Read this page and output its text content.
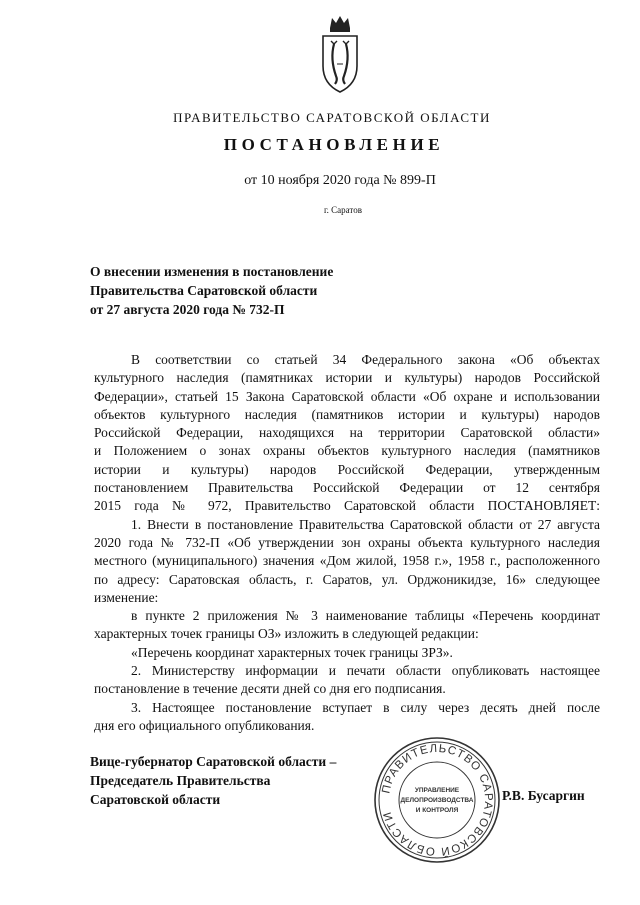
ПРАВИТЕЛЬСТВО САРАТОВСКОЙ ОБЛАСТИ
ПОСТАНОВЛЕНИЕ
от 10 ноября 2020 года № 899-П
г. Саратов
О внесении изменения в постановление
Правительства Саратовской области
от 27 августа 2020 года № 732-П
В соответствии со статьей 34 Федерального закона «Об объектах
культурного наследия (памятниках истории и культуры) народов Российской
Федерации», статьей 15 Закона Саратовской области «Об охране и использовании
объектов культурного наследия (памятников истории и культуры) народов
Российской Федерации, находящихся на территории Саратовской области»
и Положением о зонах охраны объектов культурного наследия (памятников
истории и культуры) народов Российской Федерации, утвержденным
постановлением Правительства Российской Федерации от 12 сентября
2015 года № 972, Правительство Саратовской области ПОСТАНОВЛЯЕТ:
1. Внести в постановление Правительства Саратовской области от 27 августа
2020 года № 732-П «Об утверждении зон охраны объекта культурного наследия
местного (муниципального) значения «Дом жилой, 1958 г.», 1958 г., расположенного
по адресу: Саратовская область, г. Саратов, ул. Орджоникидзе, 16» следующее
изменение:
в пункте 2 приложения № 3 наименование таблицы «Перечень координат
характерных точек границы ОЗ» изложить в следующей редакции:
«Перечень координат характерных точек границы ЗРЗ».
2. Министерству информации и печати области опубликовать настоящее
постановление в течение десяти дней со дня его подписания.
3. Настоящее постановление вступает в силу через десять дней после
дня его официального опубликования.
Вице-губернатор Саратовской области –
Председатель Правительства
Саратовской области
ПРАВИТЕЛЬСТВО САРАТОВСКОЙ ОБЛАСТИ
УПРАВЛЕНИЕ
ДЕЛОПРОИЗВОДСТВА
И КОНТРОЛЯ
Р.В. Бусаргин
